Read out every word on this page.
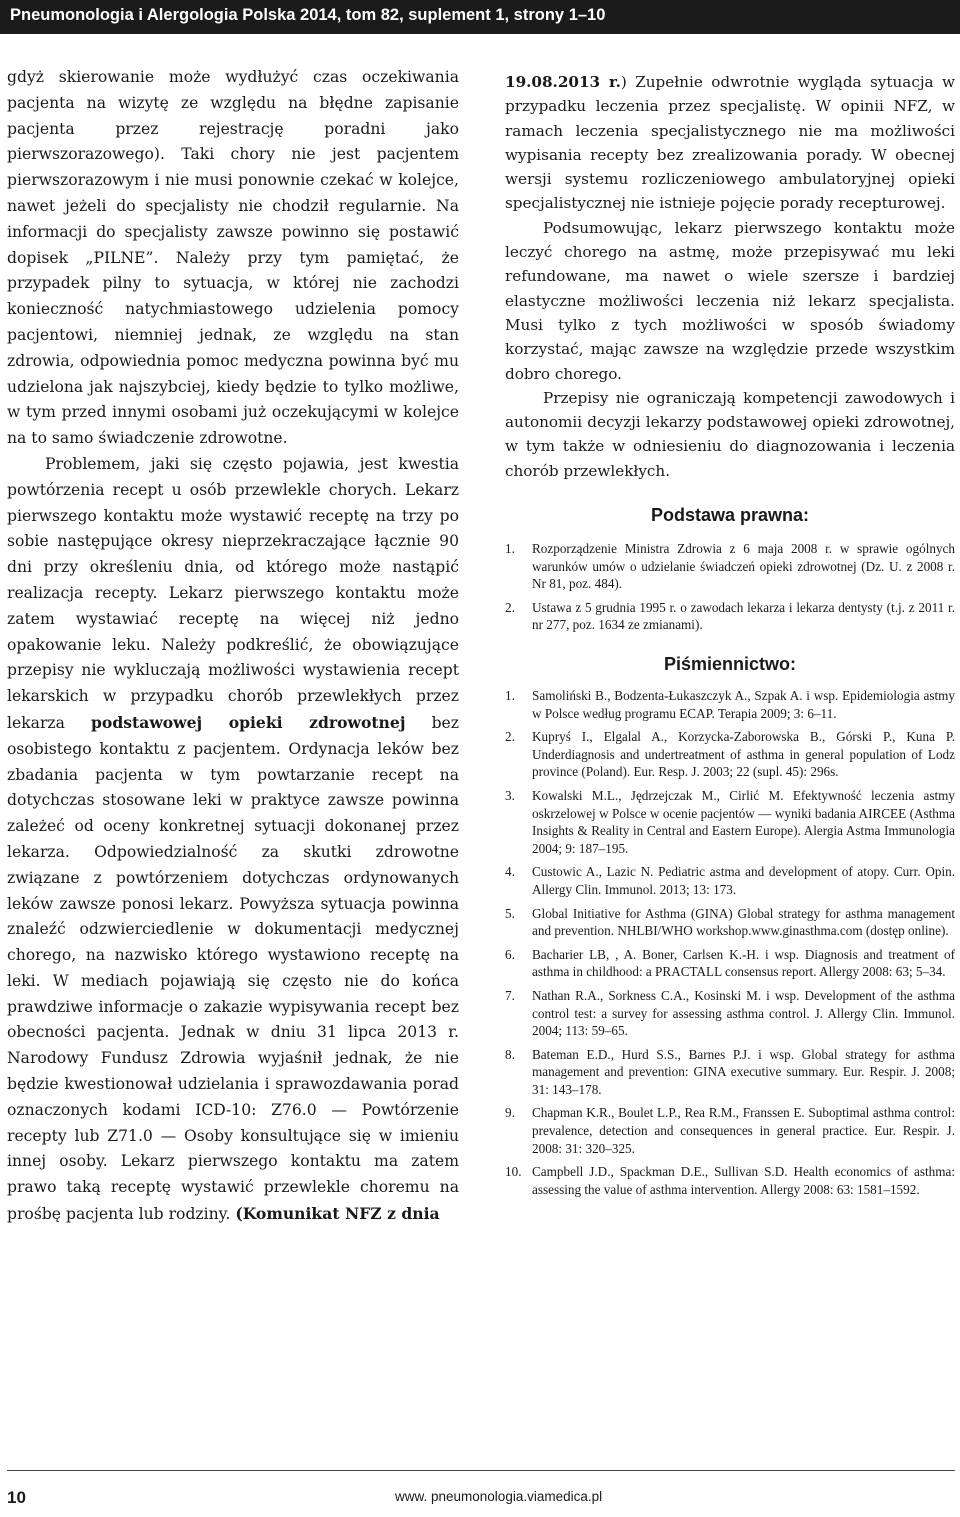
Pneumonologia i Alergologia Polska 2014, tom 82, suplement 1, strony 1–10

gdyż skierowanie może wydłużyć czas oczekiwania pacjenta na wizytę ze względu na błędne zapisanie pacjenta przez rejestrację poradni jako pierwszorazowego). Taki chory nie jest pacjentem pierwszorazowym i nie musi ponownie czekać w kolejce, nawet jeżeli do specjalisty nie chodził regularnie. Na informacji do specjalisty zawsze powinno się postawić dopisek „PILNE”. Należy przy tym pamiętać, że przypadek pilny to sytuacja, w której nie zachodzi konieczność natychmiastowego udzielenia pomocy pacjentowi, niemniej jednak, ze względu na stan zdrowia, odpowiednia pomoc medyczna powinna być mu udzielona jak najszybciej, kiedy będzie to tylko możliwe, w tym przed innymi osobami już oczekującymi w kolejce na to samo świadczenie zdrowotne.

Problemem, jaki się często pojawia, jest kwestia powtórzenia recept u osób przewlekle chorych. Lekarz pierwszego kontaktu może wystawić receptę na trzy po sobie następujące okresy nieprzekraczające łącznie 90 dni przy określeniu dnia, od którego może nastąpić realizacja recepty. Lekarz pierwszego kontaktu może zatem wystawiać receptę na więcej niż jedno opakowanie leku. Należy podkreślić, że obowiązujące przepisy nie wykluczają możliwości wystawienia recept lekarskich w przypadku chorób przewlekłych przez lekarza podstawowej opieki zdrowotnej bez osobistego kontaktu z pacjentem. Ordynacja leków bez zbadania pacjenta w tym powtarzanie recept na dotychczas stosowane leki w praktyce zawsze powinna zależeć od oceny konkretnej sytuacji dokonanej przez lekarza. Odpowiedzialność za skutki zdrowotne związane z powtórzeniem dotychczas ordynowanych leków zawsze ponosi lekarz. Powyższa sytuacja powinna znaleźć odzwierciedlenie w dokumentacji medycznej chorego, na nazwisko którego wystawiono receptę na leki. W mediach pojawiają się często nie do końca prawdziwe informacje o zakazie wypisywania recept bez obecności pacjenta. Jednak w dniu 31 lipca 2013 r. Narodowy Fundusz Zdrowia wyjaśnił jednak, że nie będzie kwestionował udzielania i sprawozdawania porad oznaczonych kodami ICD-10: Z76.0 — Powtórzenie recepty lub Z71.0 — Osoby konsultujące się w imieniu innej osoby. Lekarz pierwszego kontaktu ma zatem prawo taką receptę wystawić przewlekle choremu na prośbę pacjenta lub rodziny. (Komunikat NFZ z dnia

19.08.2013 r.) Zupełnie odwrotnie wygląda sytuacja w przypadku leczenia przez specjalistę. W opinii NFZ, w ramach leczenia specjalistycznego nie ma możliwości wypisania recepty bez zrealizowania porady. W obecnej wersji systemu rozliczeniowego ambulatoryjnej opieki specjalistycznej nie istnieje pojęcie porady recepturowej.

Podsumowując, lekarz pierwszego kontaktu może leczyć chorego na astmę, może przepisywać mu leki refundowane, ma nawet o wiele szersze i bardziej elastyczne możliwości leczenia niż lekarz specjalista. Musi tylko z tych możliwości w sposób świadomy korzystać, mając zawsze na względzie przede wszystkim dobro chorego.

Przepisy nie ograniczają kompetencji zawodowych i autonomii decyzji lekarzy podstawowej opieki zdrowotnej, w tym także w odniesieniu do diagnozowania i leczenia chorób przewlekłych.

Podstawa prawna:
1.	Rozporządzenie Ministra Zdrowia z 6 maja 2008 r. w sprawie ogólnych warunków umów o udzielanie świadczeń opieki zdrowotnej (Dz. U. z 2008 r. Nr 81, poz. 484).
2.	Ustawa z 5 grudnia 1995 r. o zawodach lekarza i lekarza dentysty (t.j. z 2011 r. nr 277, poz. 1634 ze zmianami).
Piśmiennictwo:
1.	Samoliński B., Bodzenta-Łukaszczyk A., Szpak A. i wsp. Epidemiologia astmy w Polsce według programu ECAP. Terapia 2009; 3: 6–11.
2.	Kupryś I., Elgalal A., Korzycka-Zaborowska B., Górski P., Kuna P. Underdiagnosis and undertreatment of asthma in general population of Lodz province (Poland). Eur. Resp. J. 2003; 22 (supl. 45): 296s.
3.	Kowalski M.L., Jędrzejczak M., Cirlić M. Efektywność leczenia astmy oskrzelowej w Polsce w ocenie pacjentów — wyniki badania AIRCEE (Asthma Insights & Reality in Central and Eastern Europe). Alergia Astma Immunologia 2004; 9: 187–195.
4.	Custowic A., Lazic N. Pediatric astma and development of atopy. Curr. Opin. Allergy Clin. Immunol. 2013; 13: 173.
5.	Global Initiative for Asthma (GINA) Global strategy for asthma management and prevention. NHLBI/WHO workshop.www.ginasthma.com (dostęp online).
6.	Bacharier LB, , A. Boner, Carlsen K.-H. i wsp. Diagnosis and treatment of asthma in childhood: a PRACTALL consensus report. Allergy 2008: 63; 5–34.
7.	Nathan R.A., Sorkness C.A., Kosinski M. i wsp. Development of the asthma control test: a survey for assessing asthma control. J. Allergy Clin. Immunol. 2004; 113: 59–65.
8.	Bateman E.D., Hurd S.S., Barnes P.J. i wsp. Global strategy for asthma management and prevention: GINA executive summary. Eur. Respir. J. 2008; 31: 143–178.
9.	Chapman K.R., Boulet L.P., Rea R.M., Franssen E. Suboptimal asthma control: prevalence, detection and consequences in general practice. Eur. Respir. J. 2008: 31: 320–325.
10. Campbell J.D., Spackman D.E., Sullivan S.D. Health economics of asthma: assessing the value of asthma intervention. Allergy 2008: 63: 1581–1592.
10	www. pneumonologia.viamedica.pl
